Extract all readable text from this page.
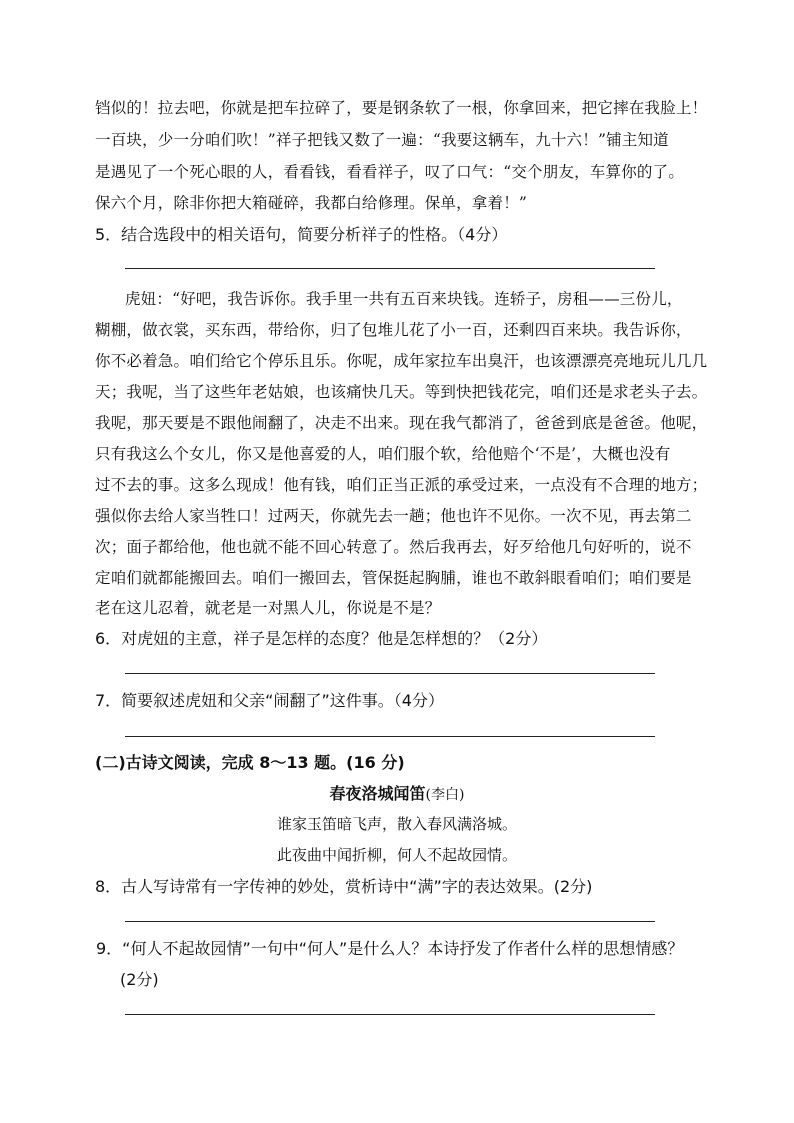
铛似的！拉去吧，你就是把车拉碎了，要是钢条软了一根，你拿回来，把它摔在我脸上！
一百块，少一分咱们吹！”祥子把钱又数了一遍：“我要这辆车，九十六！”铺主知道
是遇见了一个死心眼的人，看看钱，看看祥子，叹了口气：“交个朋友，车算你的了。
保六个月，除非你把大箱碰碎，我都白给修理。保单，拿着！”
5．结合选段中的相关语句，简要分析祥子的性格。（4分）
虎妞：“好吧，我告诉你。我手里一共有五百来块钱。连轿子，房租——三份儿，
糊棚，做衣裳，买东西，带给你，归了包堆儿花了小一百，还剩四百来块。我告诉你，
你不必着急。咱们给它个停乐且乐。你呢，成年家拉车出臭汗，也该漂漂亮亮地玩儿几几
天；我呢，当了这些年老姑娘，也该痛快几天。等到快把钱花完，咱们还是求老头子去。
我呢，那天要是不跟他闹翻了，决走不出来。现在我气都消了，爸爸到底是爸爸。他呢，
只有我这么个女儿，你又是他喜爱的人，咱们服个软，给他赔个‘不是’，大概也没有
过不去的事。这多么现成！他有钱，咱们正当正派的承受过来，一点没有不合理的地方；
强似你去给人家当牲口！过两天，你就先去一趟；他也许不见你。一次不见，再去第二
次；面子都给他，他也就不能不回心转意了。然后我再去，好歹给他几句好听的，说不
定咱们就都能搬回去。咱们一搬回去，管保挺起胸脯，谁也不敢斜眼看咱们；咱们要是
老在这儿忍着，就老是一对黑人儿，你说是不是？
6．对虎妞的主意，祥子是怎样的态度？他是怎样想的？（2分）
7．简要叙述虎妞和父亲“闹翻了”这件事。（4分）
(二)古诗文阅读，完成 8～13 题。(16 分)
春夜洛城闻笛(李白)
谁家玉笛暗飞声，散入春风满洛城。
此夜曲中闻折柳，何人不起故园情。
8．古人写诗常有一字传神的妙处，赏析诗中“满”字的表达效果。(2分)
9．“何人不起故园情”一句中“何人”是什么人？本诗抒发了作者什么样的思想情感？
(2分)
